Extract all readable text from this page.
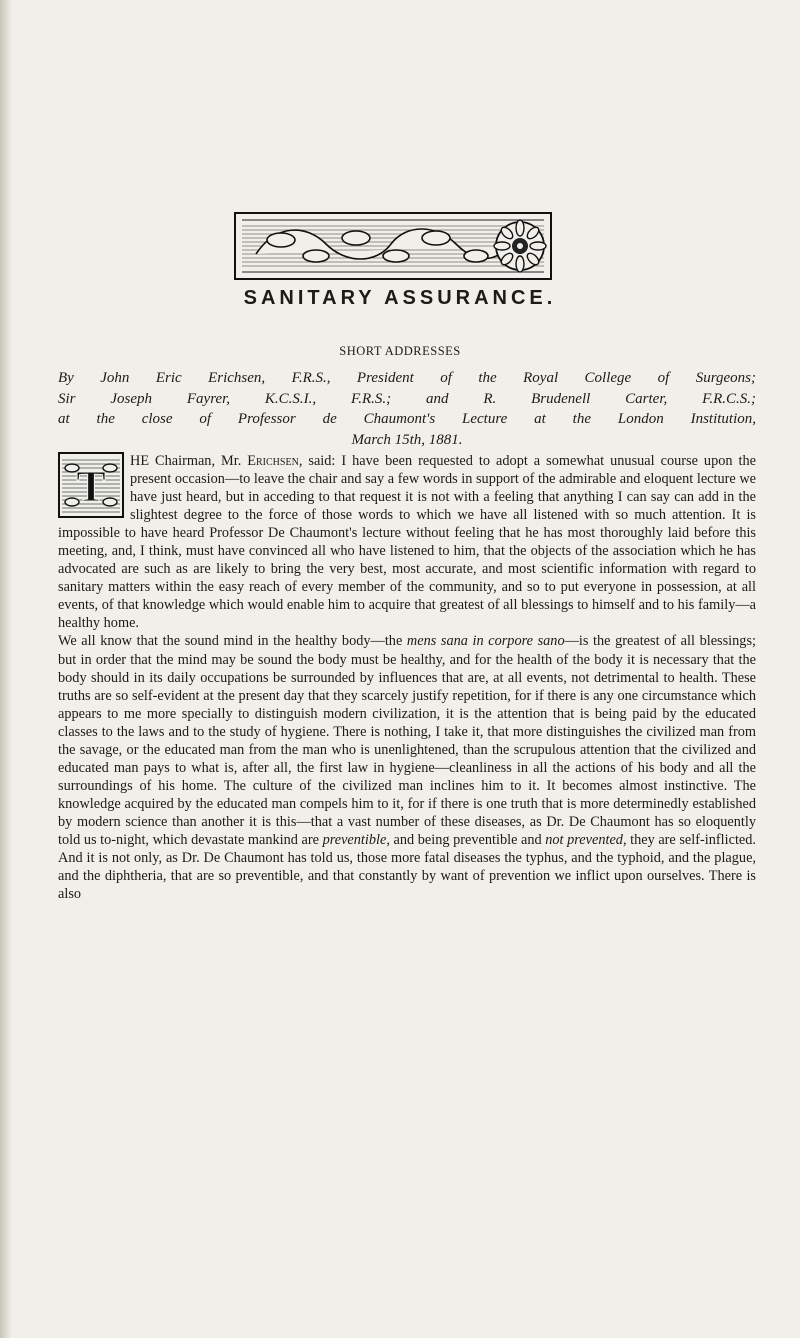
SANITARY ASSURANCE.
SHORT ADDRESSES
By John Eric Erichsen, F.R.S., President of the Royal College of Surgeons;
Sir Joseph Fayrer, K.C.S.I., F.R.S.; and R. Brudenell Carter, F.R.C.S.;
at the close of Professor de Chaumont's Lecture at the London Institution,
March 15th, 1881.
T

HE Chairman, Mr. Erichsen, said: I have been requested to adopt a somewhat unusual course upon the present occasion—to leave the chair and say a few words in support of the admirable and eloquent lecture we have just heard, but in acceding to that request it is not with a feeling that anything I can say can add in the slightest degree to the force of those words to which we have all listened with so much attention. It is impossible to have heard Professor De Chaumont's lecture without feeling that he has most thoroughly laid before this meeting, and, I think, must have convinced all who have listened to him, that the objects of the association which he has advocated are such as are likely to bring the very best, most accurate, and most scientific information with regard to sanitary matters within the easy reach of every member of the community, and so to put everyone in possession, at all events, of that knowledge which would enable him to acquire that greatest of all blessings to himself and to his family—a healthy home.

We all know that the sound mind in the healthy body—the mens sana in corpore sano—is the greatest of all blessings; but in order that the mind may be sound the body must be healthy, and for the health of the body it is necessary that the body should in its daily occupations be surrounded by influences that are, at all events, not detrimental to health. These truths are so self-evident at the present day that they scarcely justify repetition, for if there is any one circumstance which appears to me more specially to distinguish modern civilization, it is the attention that is being paid by the educated classes to the laws and to the study of hygiene. There is nothing, I take it, that more distinguishes the civilized man from the savage, or the educated man from the man who is unenlightened, than the scrupulous attention that the civilized and educated man pays to what is, after all, the first law in hygiene—cleanliness in all the actions of his body and all the surroundings of his home. The culture of the civilized man inclines him to it. It becomes almost instinctive. The knowledge acquired by the educated man compels him to it, for if there is one truth that is more determinedly established by modern science than another it is this—that a vast number of these diseases, as Dr. De Chaumont has so eloquently told us to-night, which devastate mankind are preventible, and being preventible and not prevented, they are self-inflicted. And it is not only, as Dr. De Chaumont has told us, those more fatal diseases the typhus, and the typhoid, and the plague, and the diphtheria, that are so preventible, and that constantly by want of prevention we inflict upon ourselves. There is also
